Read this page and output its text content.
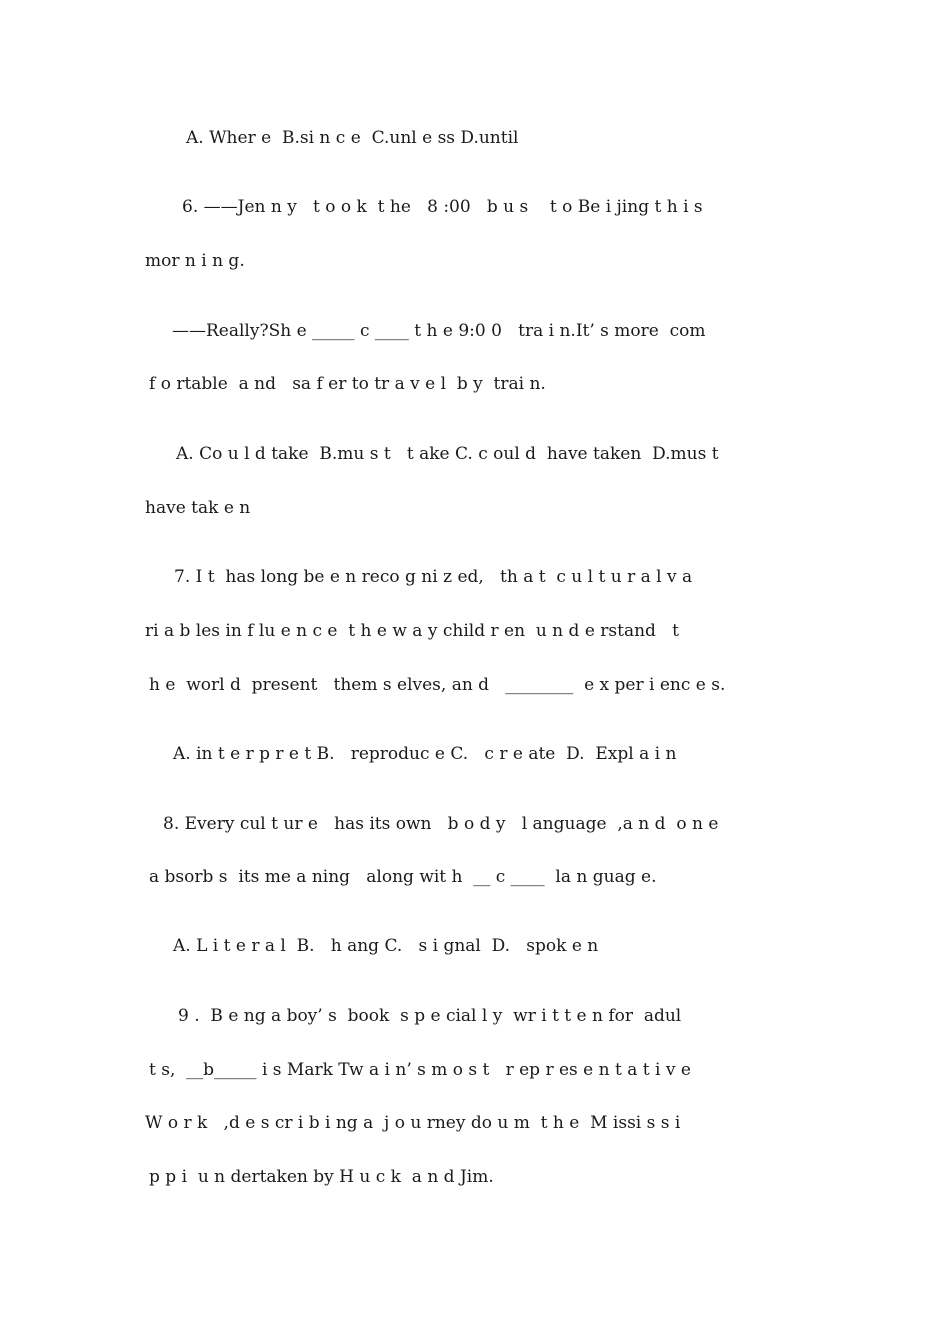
A. Wher e  B.si n c e  C.unl e ss D.until
6. ——Jen n y   t o o k  t he   8 :00   b u s    t o Be i jing t h i s
mor n i n g.
——Really?Sh e _____ c ____ t h e 9:0 0   tra i n.It’ s more  com
f o rtable  a nd   sa f er to tr a v e l  b y  trai n.
A. Co u l d take  B.mu s t   t ake C. c oul d  have taken  D.mus t
have tak e n
7. I t  has long be e n reco g ni z ed,   th a t  c u l t u r a l v a
ri a b les in f lu e n c e  t h e w a y child r en  u n d e rstand   t
h e  worl d  present   them s elves, an d   ________  e x per i enc e s.
A. in t e r p r e t B.   reproduc e C.   c r e ate  D.  Expl a i n
8. Every cul t ur e   has its own   b o d y   l anguage  ,a n d  o n e
a bsorb s  its me a ning   along wit h  __ c ____  la n guag e.
A. L i t e r a l  B.   h ang C.   s i gnal  D.   spok e n
9 .  B e ng a boy’ s  book  s p e cial l y  wr i t t e n for  adul
t s,  __b_____ i s Mark Tw a i n’ s m o s t   r ep r es e n t a t i v e
W o r k   ,d e s cr i b i ng a  j o u rney do u m  t h e  M issi s s i
p p i  u n dertaken by H u c k  a n d Jim.
